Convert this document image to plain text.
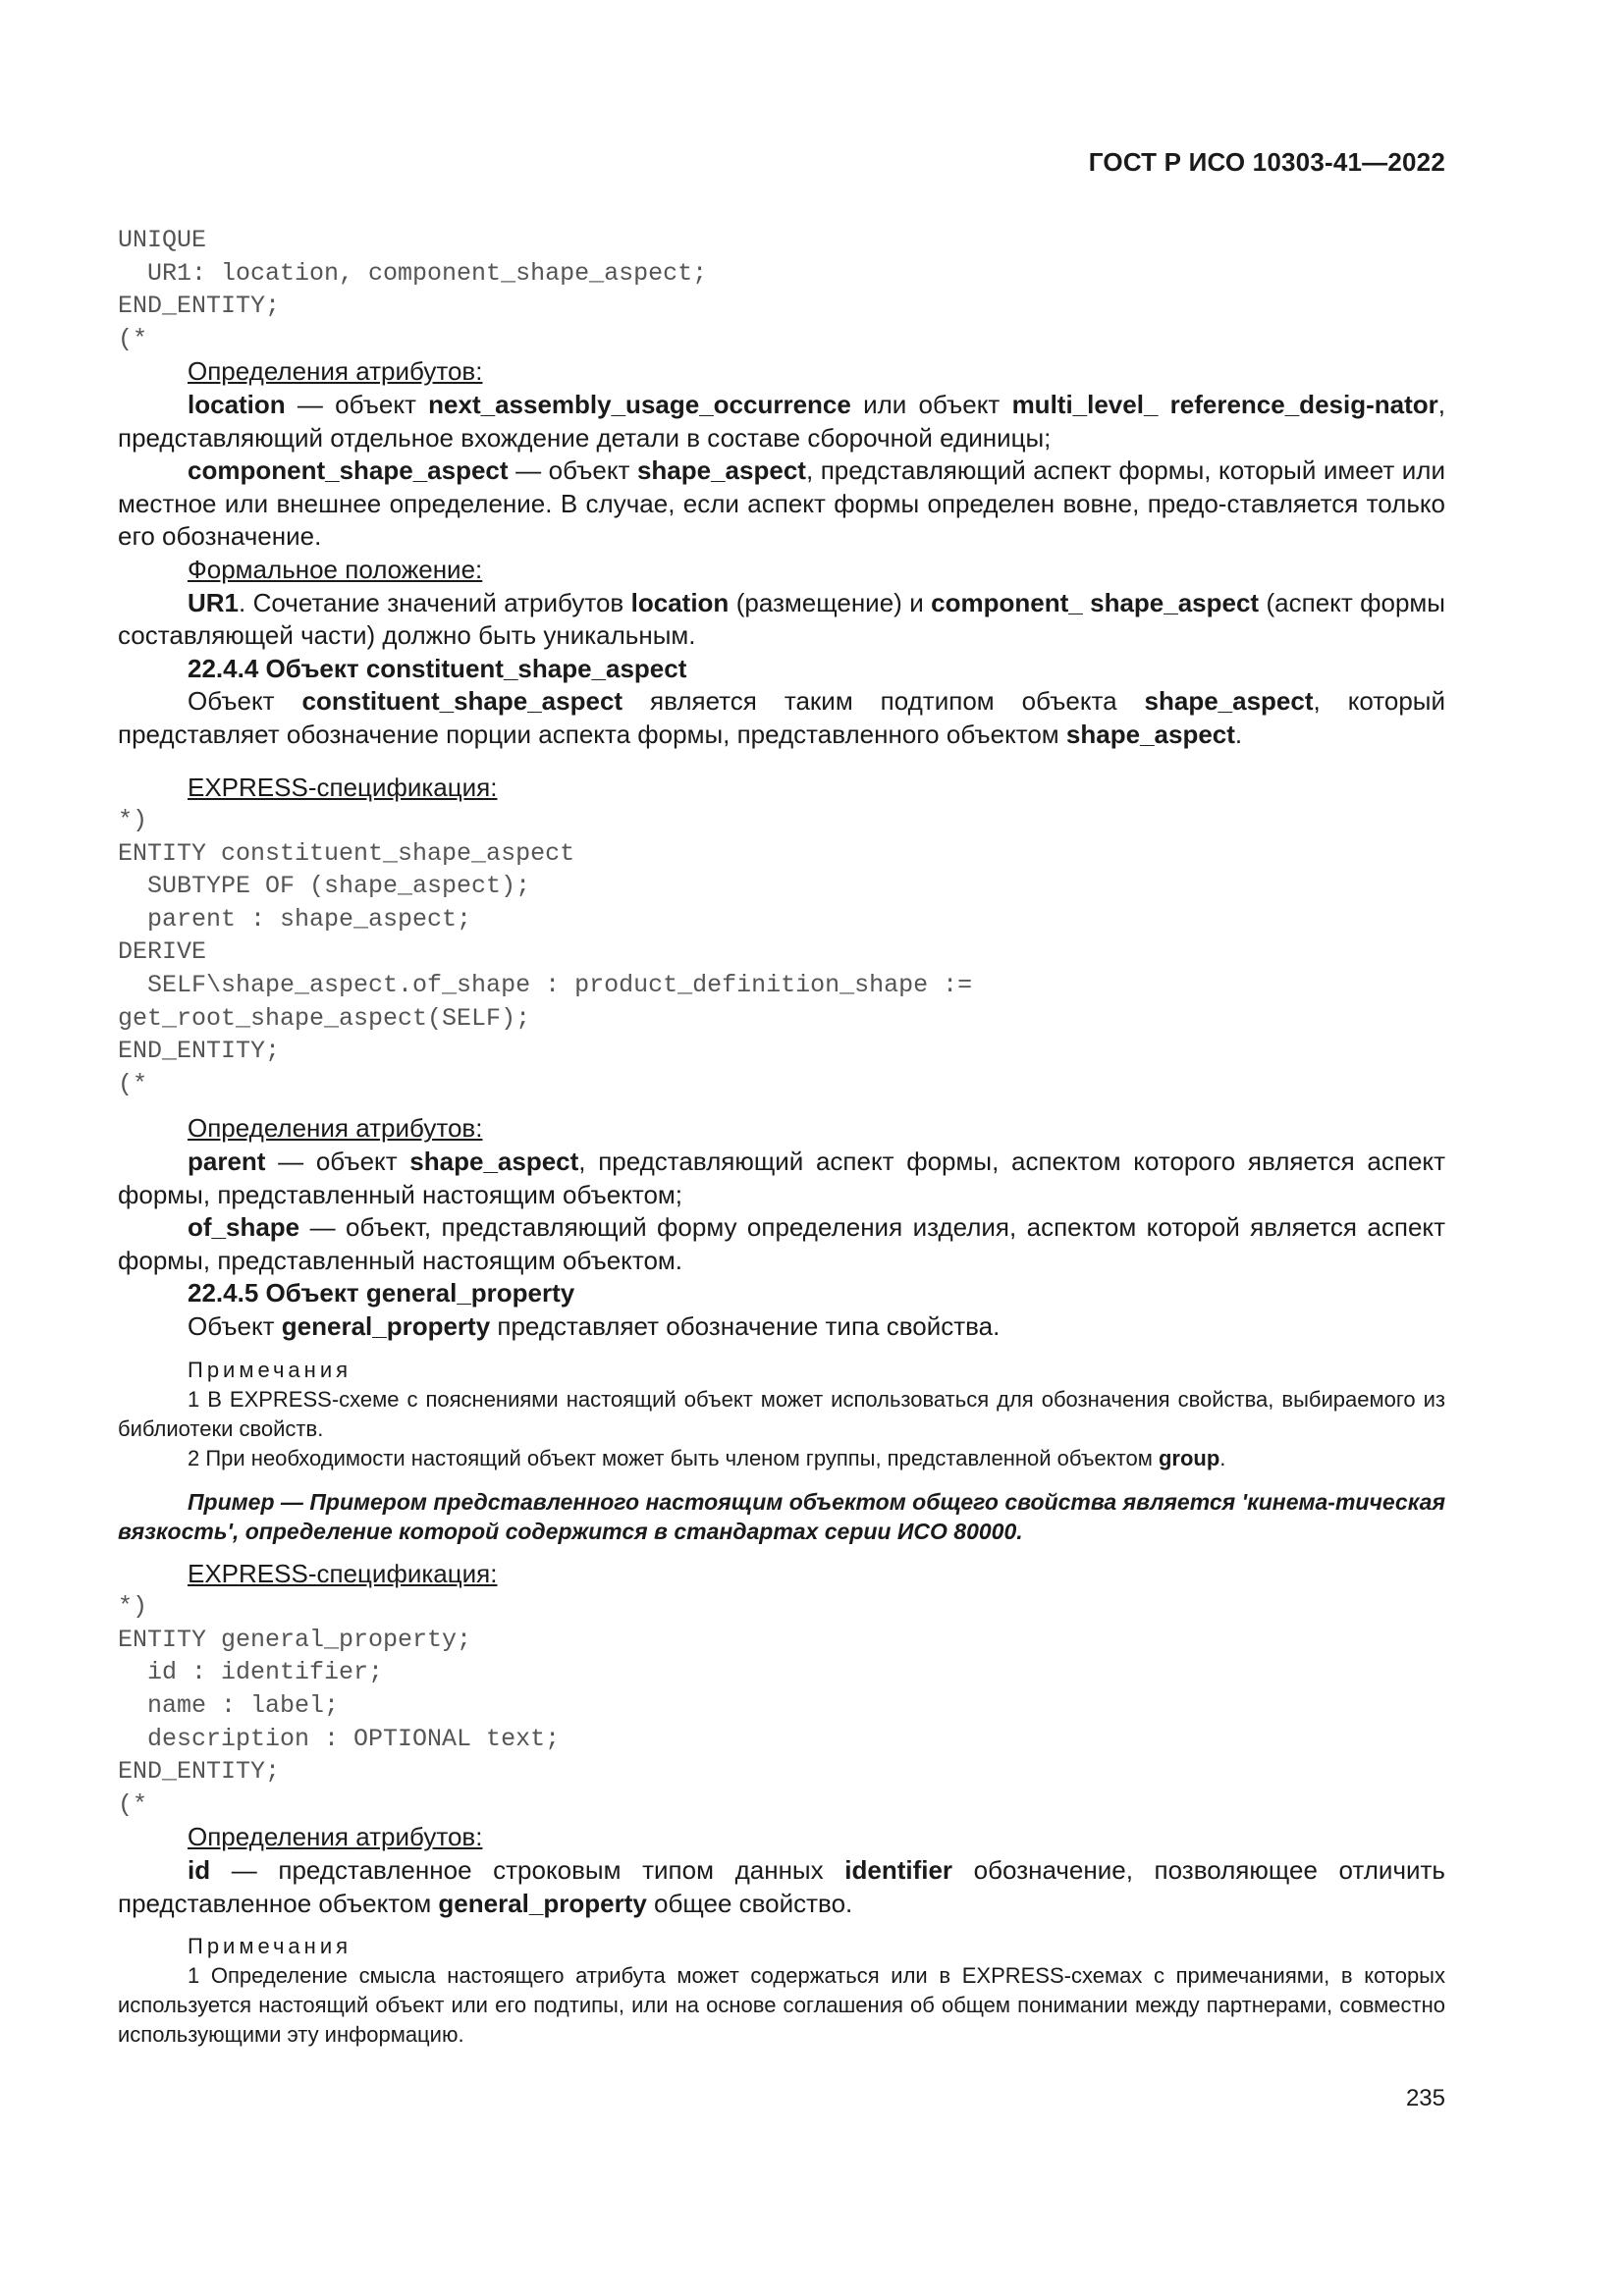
ГОСТ Р ИСО 10303-41—2022
UNIQUE
UR1: location, component_shape_aspect;
END_ENTITY;
(*
Определения атрибутов:

location — объект next_assembly_usage_occurrence или объект multi_level_ reference_desig-nator, представляющий отдельное вхождение детали в составе сборочной единицы;

component_shape_aspect — объект shape_aspect, представляющий аспект формы, который имеет или местное или внешнее определение. В случае, если аспект формы определен вовне, предо-ставляется только его обозначение.

Формальное положение:

UR1. Сочетание значений атрибутов location (размещение) и component_ shape_aspect (аспект формы составляющей части) должно быть уникальным.

22.4.4 Объект constituent_shape_aspect

Объект constituent_shape_aspect является таким подтипом объекта shape_aspect, который представляет обозначение порции аспекта формы, представленного объектом shape_aspect.

EXPRESS-спецификация:
*)
ENTITY constituent_shape_aspect
SUBTYPE OF (shape_aspect);
parent : shape_aspect;
DERIVE
SELF\shape_aspect.of_shape : product_definition_shape :=
get_root_shape_aspect(SELF);
END_ENTITY;
(*
Определения атрибутов:

parent — объект shape_aspect, представляющий аспект формы, аспектом которого является аспект формы, представленный настоящим объектом;

of_shape — объект, представляющий форму определения изделия, аспектом которой является аспект формы, представленный настоящим объектом.

22.4.5 Объект general_property

Объект general_property представляет обозначение типа свойства.

Примечания

1 В EXPRESS-схеме с пояснениями настоящий объект может использоваться для обозначения свойства, выбираемого из библиотеки свойств.

2 При необходимости настоящий объект может быть членом группы, представленной объектом group.

Пример — Примером представленного настоящим объектом общего свойства является 'кинема-тическая вязкость', определение которой содержится в стандартах серии ИСО 80000.

EXPRESS-спецификация:
*)
ENTITY general_property;
id : identifier;
name : label;
description : OPTIONAL text;
END_ENTITY;
(*
Определения атрибутов:

id — представленное строковым типом данных identifier обозначение, позволяющее отличить представленное объектом general_property общее свойство.

Примечания

1 Определение смысла настоящего атрибута может содержаться или в EXPRESS-схемах с примечаниями, в которых используется настоящий объект или его подтипы, или на основе соглашения об общем понимании между партнерами, совместно использующими эту информацию.

235
